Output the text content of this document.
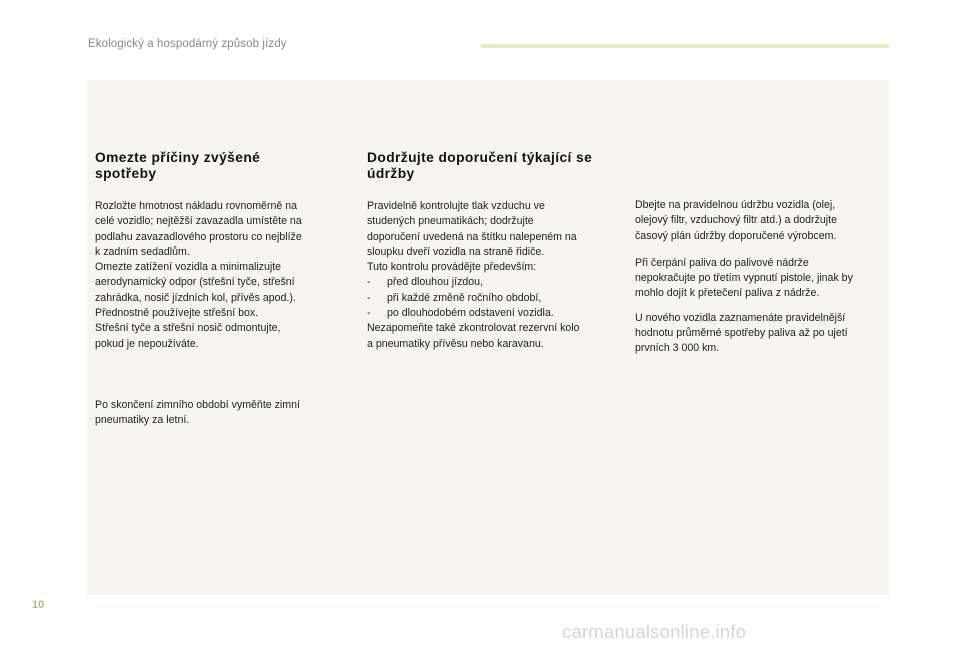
Ekologický a hospodárný způsob jízdy
Omezte příčiny zvýšené
spotřeby

Rozložte hmotnost nákladu rovnoměrně na
celé vozidlo; nejtěžší zavazadla umístěte na
podlahu zavazadlového prostoru co nejblíže
k zadním sedadlům.
Omezte zatížení vozidla a minimalizujte
aerodynamický odpor (střešní tyče, střešní
zahrádka, nosič jízdních kol, přívěs apod.).
Přednostně používejte střešní box.
Střešní tyče a střešní nosič odmontujte,
pokud je nepoužíváte.

Po skončení zimního období vyměňte zimní
pneumatiky za letní.

Dodržujte doporučení týkající se
údržby

Pravidelně kontrolujte tlak vzduchu ve
studených pneumatikách; dodržujte
doporučení uvedená na štítku nalepeném na
sloupku dveří vozidla na straně řidiče.
Tuto kontrolu provádějte především:

-	před dlouhou jízdou,
-	při každé změně ročního období,
-	po dlouhodobém odstavení vozidla.

Nezapomeňte také zkontrolovat rezervní kolo
a pneumatiky přívěsu nebo karavanu.

Dbejte na pravidelnou údržbu vozidla (olej,
olejový filtr, vzduchový filtr atd.) a dodržujte
časový plán údržby doporučené výrobcem.

Při čerpání paliva do palivové nádrže
nepokračujte po třetím vypnutí pistole, jinak by
mohlo dojít k přetečení paliva z nádrže.

U nového vozidla zaznamenáte pravidelnější
hodnotu průměrné spotřeby paliva až po ujetí
prvních 3 000 km.

10
carmanualsonline.info
